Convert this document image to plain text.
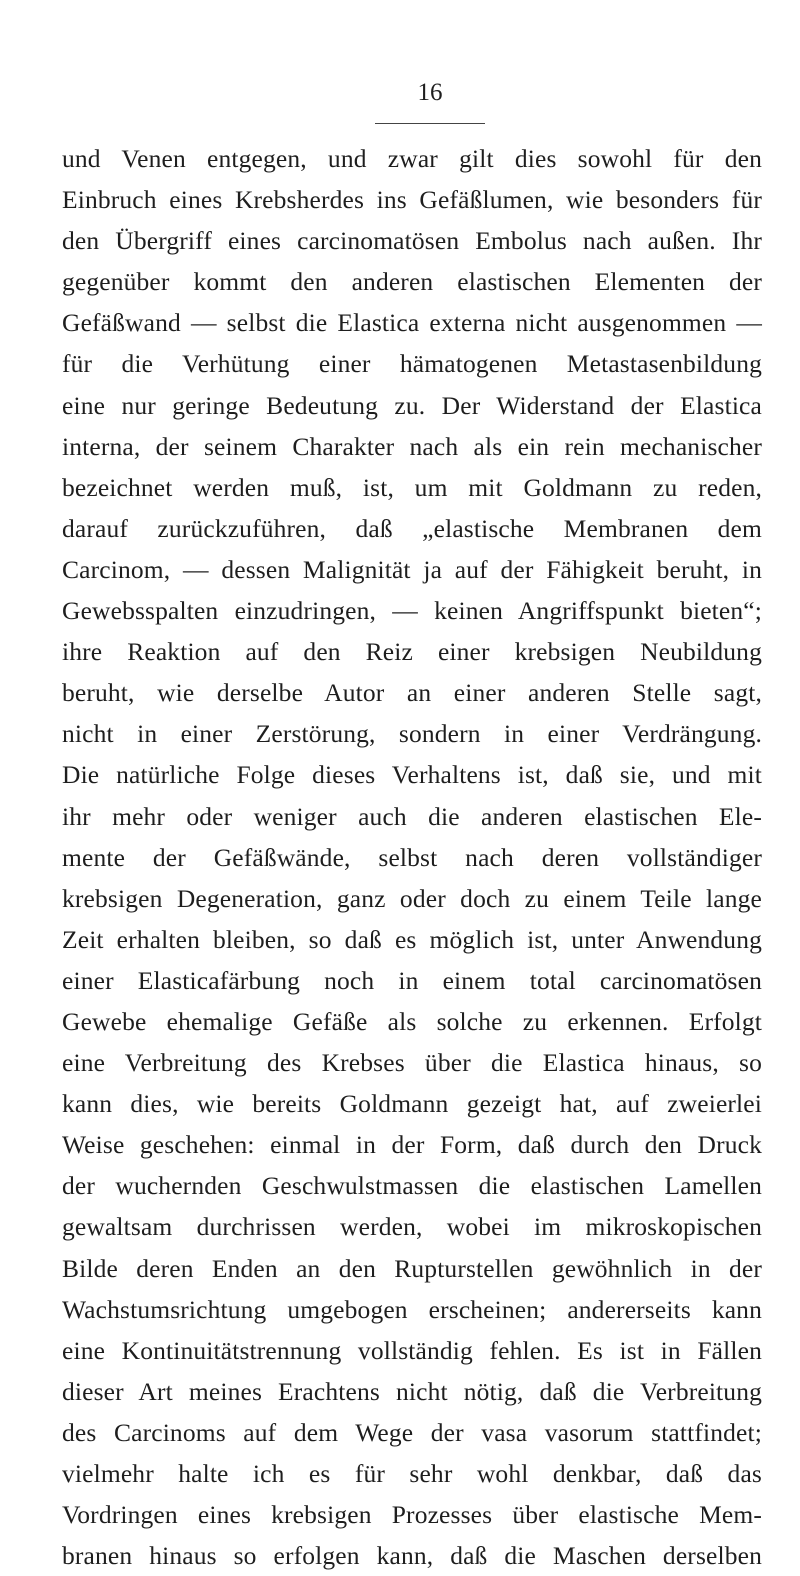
16
und Venen entgegen, und zwar gilt dies sowohl für den
Einbruch eines Krebsherdes ins Gefäßlumen, wie besonders für
den Übergriff eines carcinomatösen Embolus nach außen. Ihr
gegenüber kommt den anderen elastischen Elementen der
Gefäßwand — selbst die Elastica externa nicht ausgenommen —
für die Verhütung einer hämatogenen Metastasenbildung
eine nur geringe Bedeutung zu. Der Widerstand der Elastica
interna, der seinem Charakter nach als ein rein mechanischer
bezeichnet werden muß, ist, um mit Goldmann zu reden,
darauf zurückzuführen, daß „elastische Membranen dem
Carcinom, — dessen Malignität ja auf der Fähigkeit beruht, in
Gewebsspalten einzudringen, — keinen Angriffspunkt bieten“;
ihre Reaktion auf den Reiz einer krebsigen Neubildung
beruht, wie derselbe Autor an einer anderen Stelle sagt,
nicht in einer Zerstörung, sondern in einer Verdrängung.
Die natürliche Folge dieses Verhaltens ist, daß sie, und mit
ihr mehr oder weniger auch die anderen elastischen Ele-
mente der Gefäßwände, selbst nach deren vollständiger
krebsigen Degeneration, ganz oder doch zu einem Teile lange
Zeit erhalten bleiben, so daß es möglich ist, unter Anwendung
einer Elasticafärbung noch in einem total carcinomatösen
Gewebe ehemalige Gefäße als solche zu erkennen. Erfolgt
eine Verbreitung des Krebses über die Elastica hinaus, so
kann dies, wie bereits Goldmann gezeigt hat, auf zweierlei
Weise geschehen: einmal in der Form, daß durch den Druck
der wuchernden Geschwulstmassen die elastischen Lamellen
gewaltsam durchrissen werden, wobei im mikroskopischen
Bilde deren Enden an den Rupturstellen gewöhnlich in der
Wachstumsrichtung umgebogen erscheinen; andererseits kann
eine Kontinuitätstrennung vollständig fehlen. Es ist in Fällen
dieser Art meines Erachtens nicht nötig, daß die Verbreitung
des Carcinoms auf dem Wege der vasa vasorum stattfindet;
vielmehr halte ich es für sehr wohl denkbar, daß das
Vordringen eines krebsigen Prozesses über elastische Mem-
branen hinaus so erfolgen kann, daß die Maschen derselben
